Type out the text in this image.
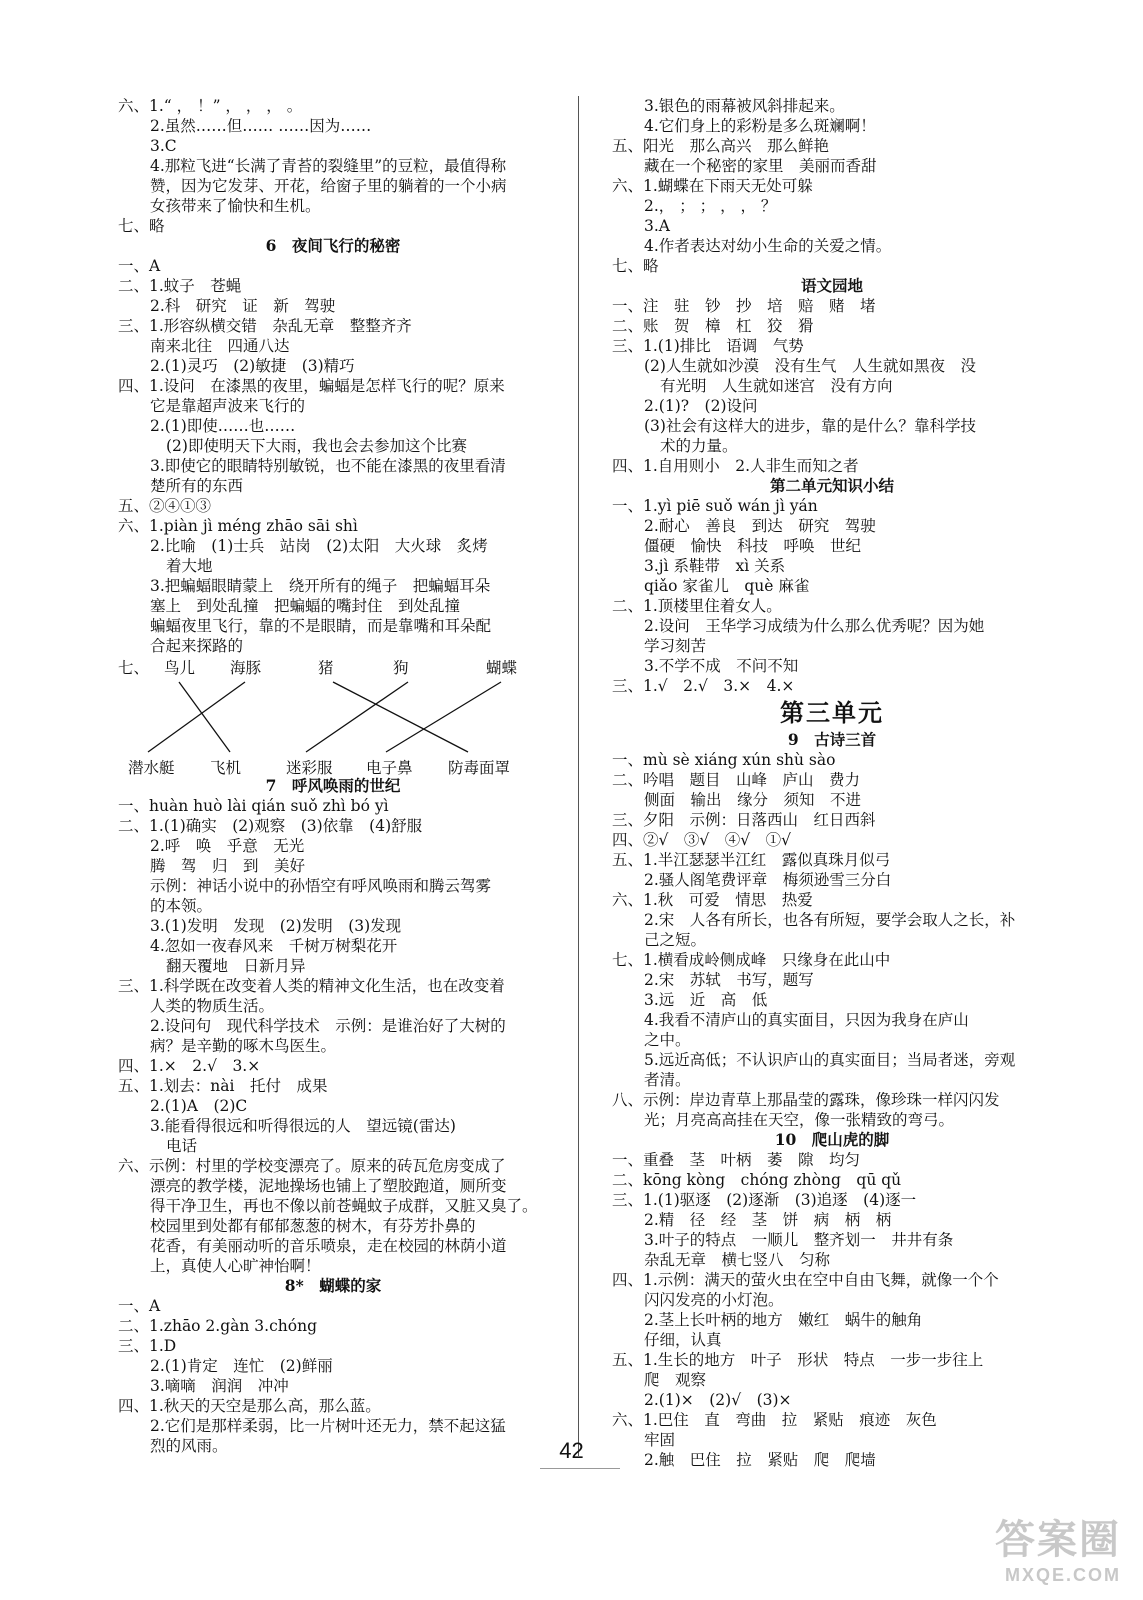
六、1.“ ， ！” ， ， ， 。
2.虽然……但…… ……因为……
3.C
4.那粒飞进“长满了青苔的裂缝里”的豆粒，最值得称
赞，因为它发芽、开花，给窗子里的躺着的一个小病
女孩带来了愉快和生机。
七、略
6　夜间飞行的秘密
一、A
二、1.蚊子　苍蝇
2.科　研究　证　新　驾驶
三、1.形容纵横交错　杂乱无章　整整齐齐
南来北往　四通八达
2.(1)灵巧　(2)敏捷　(3)精巧
四、1.设问　在漆黑的夜里，蝙蝠是怎样飞行的呢？原来
它是靠超声波来飞行的
2.(1)即使……也……
(2)即使明天下大雨，我也会去参加这个比赛
3.即使它的眼睛特别敏锐，也不能在漆黑的夜里看清
楚所有的东西
五、②④①③
六、1.piàn jì méng zhāo sāi shì
2.比喻　(1)士兵　站岗　(2)太阳　大火球　炙烤
着大地
3.把蝙蝠眼睛蒙上　绕开所有的绳子　把蝙蝠耳朵
塞上　到处乱撞　把蝙蝠的嘴封住　到处乱撞
蝙蝠夜里飞行，靠的不是眼睛，而是靠嘴和耳朵配
合起来探路的
七、 鸟儿 海豚	猪	狗	蝴蝶
潜水艇 飞机	迷彩服 电子鼻 防毒面罩
7　呼风唤雨的世纪
一、huàn huò lài qián suǒ zhì bó yì
二、1.(1)确实　(2)观察　(3)依靠　(4)舒服
2.呼　唤　乎意　无光
腾　驾　归　到　美好
示例：神话小说中的孙悟空有呼风唤雨和腾云驾雾
的本领。
3.(1)发明　发现　(2)发明　(3)发现
4.忽如一夜春风来　千树万树梨花开
翻天覆地　日新月异
三、1.科学既在改变着人类的精神文化生活，也在改变着
人类的物质生活。
2.设问句　现代科学技术　示例：是谁治好了大树的
病？是辛勤的啄木鸟医生。
四、1.×　2.√　3.×
五、1.划去：nài　托付　成果
2.(1)A　(2)C
3.能看得很远和听得很远的人　望远镜(雷达)
电话
六、示例：村里的学校变漂亮了。原来的砖瓦危房变成了
漂亮的教学楼，泥地操场也铺上了塑胶跑道，厕所变
得干净卫生，再也不像以前苍蝇蚊子成群，又脏又臭了。
校园里到处都有郁郁葱葱的树木，有芬芳扑鼻的
花香，有美丽动听的音乐喷泉，走在校园的林荫小道
上，真使人心旷神怡啊！
8*　蝴蝶的家
一、A
二、1.zhāo 2.gàn 3.chóng
三、1.D
2.(1)肯定　连忙　(2)鲜丽
3.嘀嘀　润润　冲冲
四、1.秋天的天空是那么高，那么蓝。
2.它们是那样柔弱，比一片树叶还无力，禁不起这猛
烈的风雨。
3.银色的雨幕被风斜排起来。
4.它们身上的彩粉是多么斑斓啊！
五、阳光　那么高兴　那么鲜艳
藏在一个秘密的家里　美丽而香甜
六、1.蝴蝶在下雨天无处可躲
2.， ； ； ， ， ？
3.A
4.作者表达对幼小生命的关爱之情。
七、略
语文园地
一、注　驻　钞　抄　培　赔　赌　堵
二、账　贺　樟　杠　狡　猾
三、1.(1)排比　语调　气势
(2)人生就如沙漠　没有生气　人生就如黑夜　没
有光明　人生就如迷宫　没有方向
2.(1)?　(2)设问
(3)社会有这样大的进步，靠的是什么？靠科学技
术的力量。
四、1.自用则小　2.人非生而知之者
第二单元知识小结
一、1.yì piē suǒ wán jì yán
2.耐心　善良　到达　研究　驾驶
僵硬　愉快　科技　呼唤　世纪
3.jì 系鞋带　xì 关系
qiǎo 家雀儿　què 麻雀
二、1.顶楼里住着女人。
2.设问　王华学习成绩为什么那么优秀呢？因为她
学习刻苦
3.不学不成　不问不知
三、1.√　2.√　3.×　4.×
第三单元
9　古诗三首
一、mù sè xiáng xún shù sào
二、吟唱　题目　山峰　庐山　费力
侧面　输出　缘分　须知　不进
三、夕阳　示例：日落西山　红日西斜
四、②√　③√　④√　①√
五、1.半江瑟瑟半江红　露似真珠月似弓
2.骚人阁笔费评章　梅须逊雪三分白
六、1.秋　可爱　情思　热爱
2.宋　人各有所长，也各有所短，要学会取人之长，补
己之短。
七、1.横看成岭侧成峰　只缘身在此山中
2.宋　苏轼　书写，题写
3.远　近　高　低
4.我看不清庐山的真实面目，只因为我身在庐山
之中。
5.远近高低；不认识庐山的真实面目；当局者迷，旁观
者清。
八、示例：岸边青草上那晶莹的露珠，像珍珠一样闪闪发
光；月亮高高挂在天空，像一张精致的弯弓。
10　爬山虎的脚
一、重叠　茎　叶柄　萎　隙　均匀
二、kōng kòng　chóng zhòng　qū qǔ
三、1.(1)驱逐　(2)逐渐　(3)追逐　(4)逐一
2.精　径　经　茎　饼　病　柄　柄
3.叶子的特点　一顺儿　整齐划一　井井有条
杂乱无章　横七竖八　匀称
四、1.示例：满天的萤火虫在空中自由飞舞，就像一个个
闪闪发亮的小灯泡。
2.茎上长叶柄的地方　嫩红　蜗牛的触角
仔细，认真
五、1.生长的地方　叶子　形状　特点　一步一步往上
爬　观察
2.(1)×　(2)√　(3)×
六、1.巴住　直　弯曲　拉　紧贴　痕迹　灰色
牢固
2.触　巴住　拉　紧贴　爬　爬墙
42
答案圈
MXQE.COM
